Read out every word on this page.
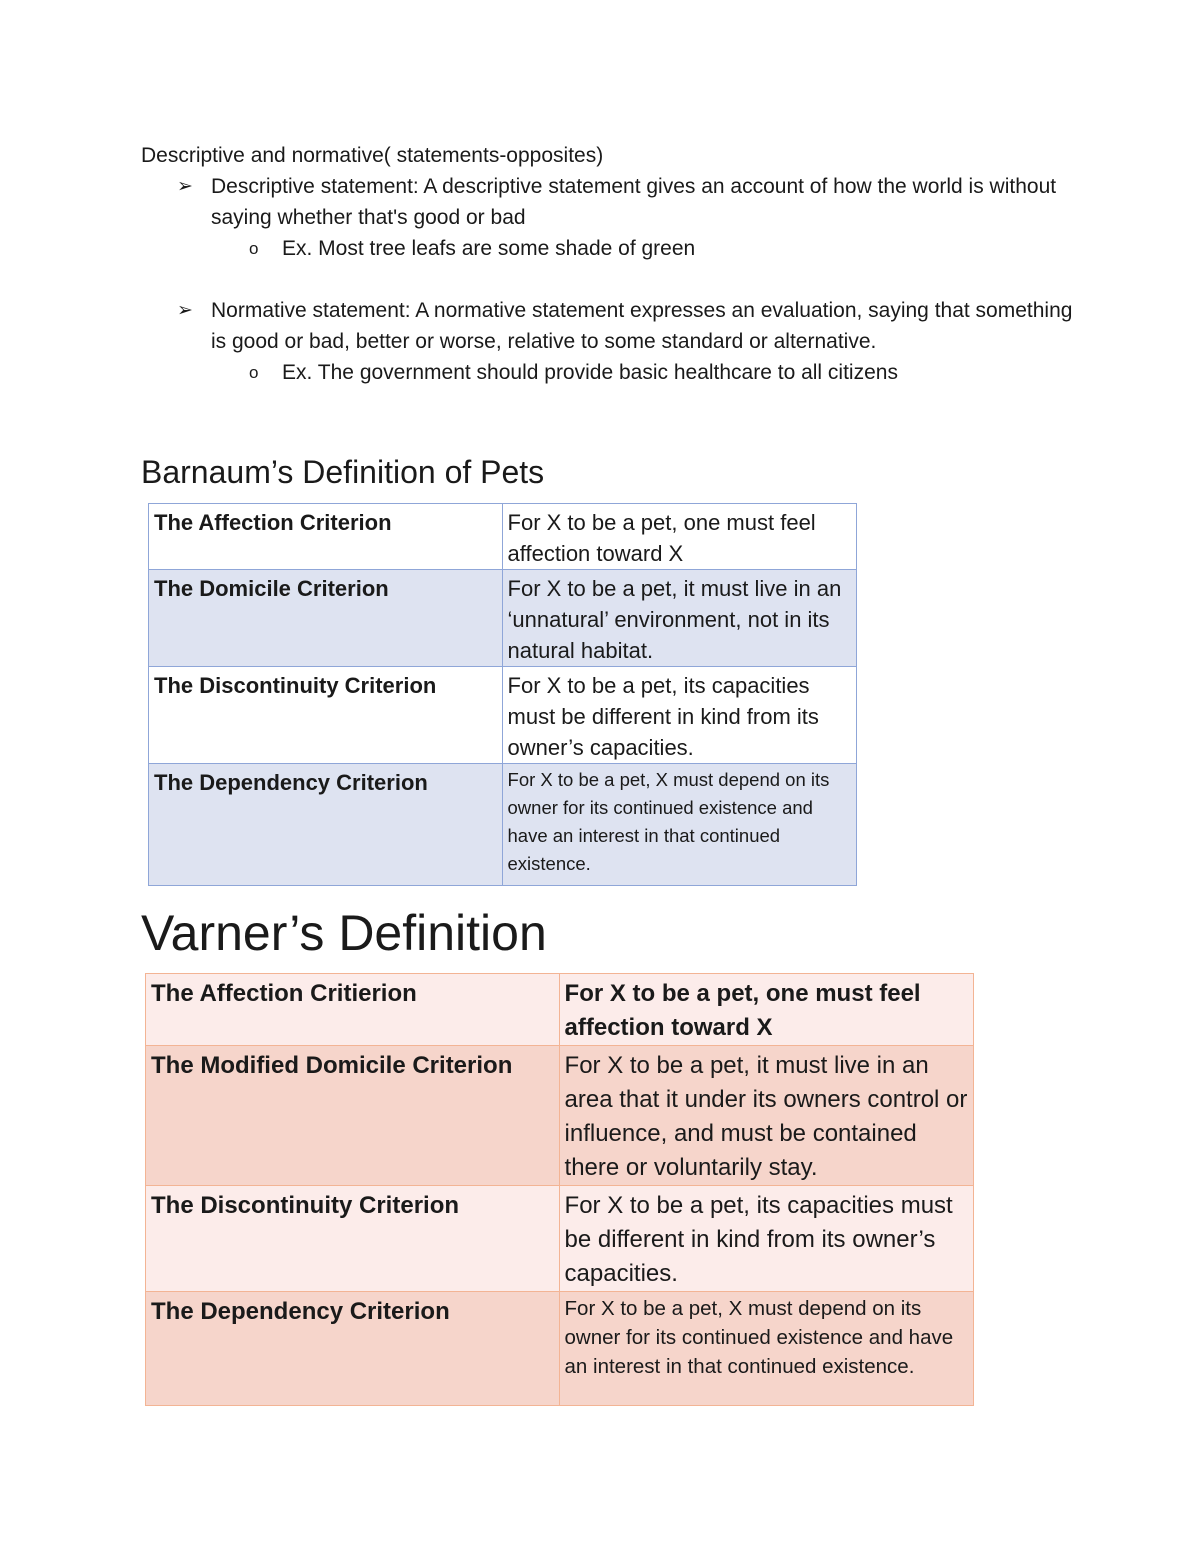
Descriptive and normative( statements-opposites)

➢ Descriptive statement: A descriptive statement gives an account of how the world is without saying whether that's good or bad

o Ex. Most tree leafs are some shade of green

➢ Normative statement: A normative statement expresses an evaluation, saying that something is good or bad, better or worse, relative to some standard or alternative.

o Ex. The government should provide basic healthcare to all citizens

Barnaum’s Definition of Pets
The Affection Criterion	For X to be a pet, one must feel affection toward X
The Domicile Criterion	For X to be a pet, it must live in an ‘unnatural’ environment, not in its natural habitat.
The Discontinuity Criterion	For X to be a pet, its capacities must be different in kind from its owner’s capacities.
The Dependency Criterion	For X to be a pet, X must depend on its owner for its continued existence and have an interest in that continued existence.
Varner’s Definition
The Affection Critierion	For X to be a pet, one must feel affection toward X
The Modified Domicile Criterion	For X to be a pet, it must live in an area that it under its owners control or influence, and must be contained there or voluntarily stay.
The Discontinuity Criterion	For X to be a pet, its capacities must be different in kind from its owner’s capacities.
The Dependency Criterion	For X to be a pet, X must depend on its owner for its continued existence and have an interest in that continued existence.
